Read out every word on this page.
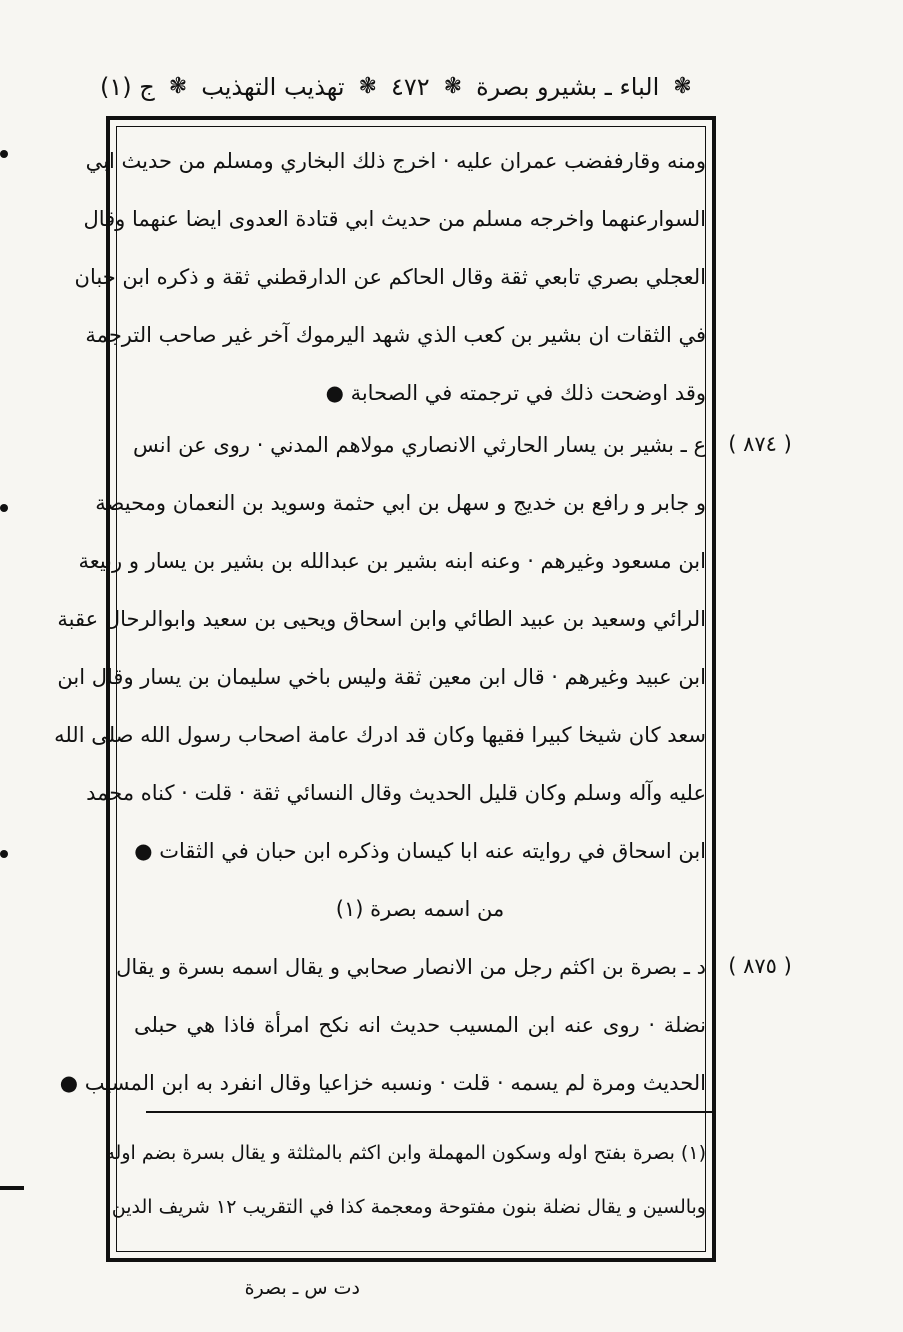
ج (١) ❃ تهذيب التهذيب ❃ ٤٧٢ ❃ الباء ـ بشيرو بصرة ❃
ومنه وقارففضب عمران عليه · اخرج ذلك البخاري ومسلم من حديث ابي
السوارعنهما واخرجه مسلم من حديث ابي قتادة العدوى ايضا عنهما وقال
العجلي بصري تابعي ثقة وقال الحاكم عن الدارقطني ثقة و ذكره ابن حبان
في الثقات ان بشير بن كعب الذي شهد اليرموك آخر غير صاحب الترجمة
وقد اوضحت ذلك في ترجمته في الصحابة ●
( ٨٧٤ )
ع ـ بشير بن يسار الحارثي الانصاري مولاهم المدني · روى عن انس
و جابر و رافع بن خديج و سهل بن ابي حثمة وسويد بن النعمان ومحيصة
ابن مسعود وغيرهم · وعنه ابنه بشير بن عبدالله بن بشير بن يسار و ربيعة
الرائي وسعيد بن عبيد الطائي وابن اسحاق ويحيى بن سعيد وابوالرحال عقبة
ابن عبيد وغيرهم · قال ابن معين ثقة وليس باخي سليمان بن يسار وقال ابن
سعد كان شيخا كبيرا فقيها وكان قد ادرك عامة اصحاب رسول الله صلى الله
عليه وآله وسلم وكان قليل الحديث وقال النسائي ثقة · قلت · كناه محمد
ابن اسحاق في روايته عنه ابا كيسان وذكره ابن حبان في الثقات ●
من اسمه بصرة (١)
( ٨٧٥ )
د ـ بصرة بن اكثم رجل من الانصار صحابي و يقال اسمه بسرة و يقال
نضلة · روى عنه ابن المسيب حديث انه نكح امرأة فاذا هي حبلى
الحديث ومرة لم يسمه · قلت · ونسبه خزاعيا وقال انفرد به ابن المسيب ●
(١) بصرة بفتح اوله وسكون المهملة وابن اكثم بالمثلثة و يقال بسرة بضم اوله
وبالسين و يقال نضلة بنون مفتوحة ومعجمة كذا في التقريب ١٢ شريف الدين
دت س ـ بصرة
